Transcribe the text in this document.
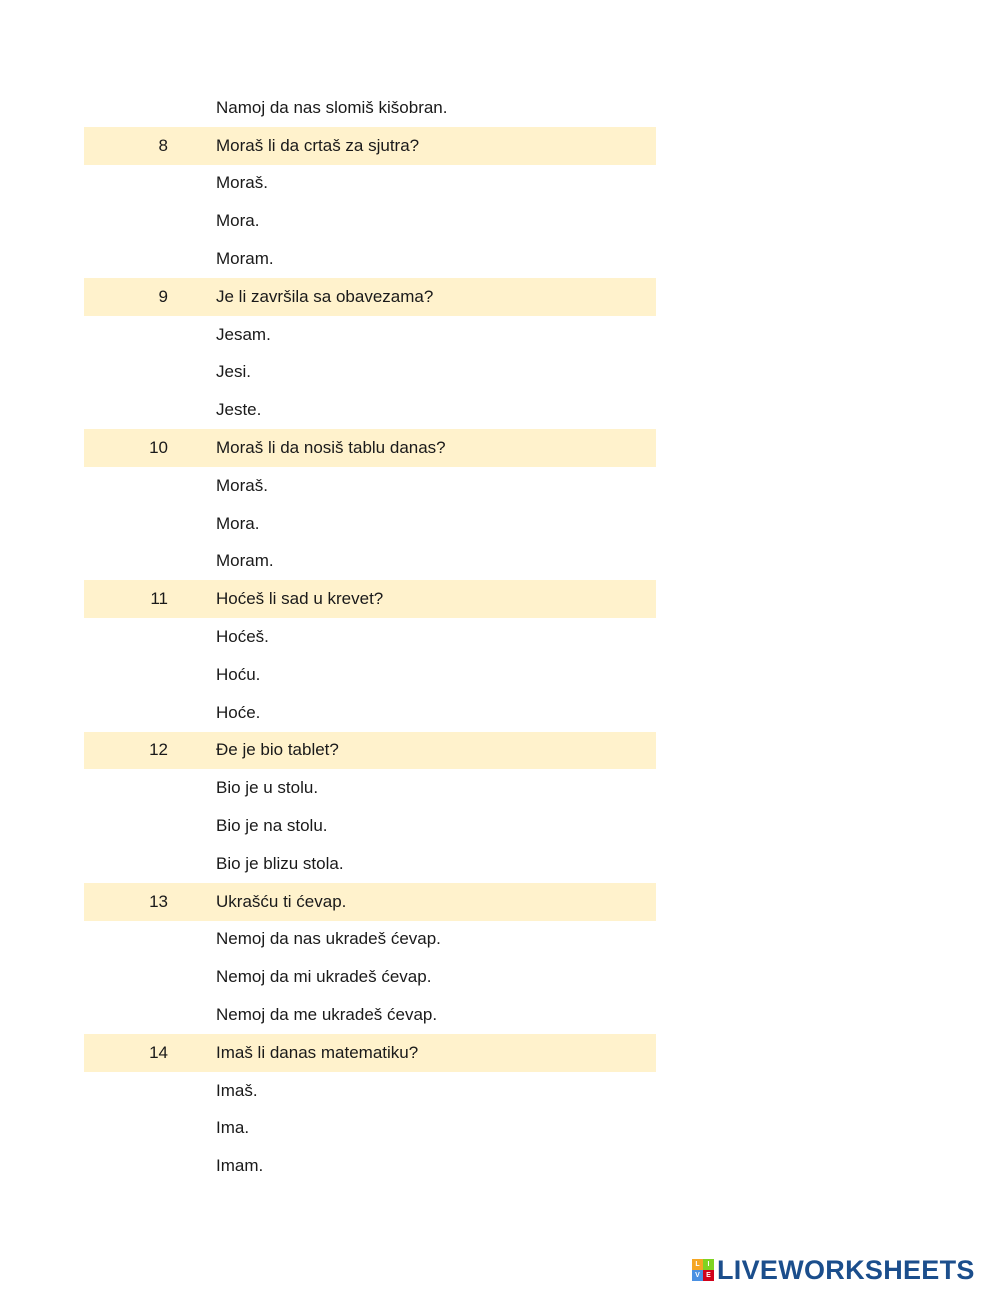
Namoj da nas slomiš kišobran.
8	Moraš li da crtaš za sjutra?
Moraš.
Mora.
Moram.
9	Je li završila sa obavezama?
Jesam.
Jesi.
Jeste.
10	Moraš li da nosiš tablu danas?
Moraš.
Mora.
Moram.
11	Hoćeš li sad u krevet?
Hoćeš.
Hoću.
Hoće.
12	Đe je bio tablet?
Bio je u stolu.
Bio je na stolu.
Bio je blizu stola.
13	Ukrašću ti ćevap.
Nemoj da nas ukradeš ćevap.
Nemoj da mi ukradeš ćevap.
Nemoj da me ukradeš ćevap.
14	Imaš li danas matematiku?
Imaš.
Ima.
Imam.
L	I
V E LIVEWORKSHEETS
